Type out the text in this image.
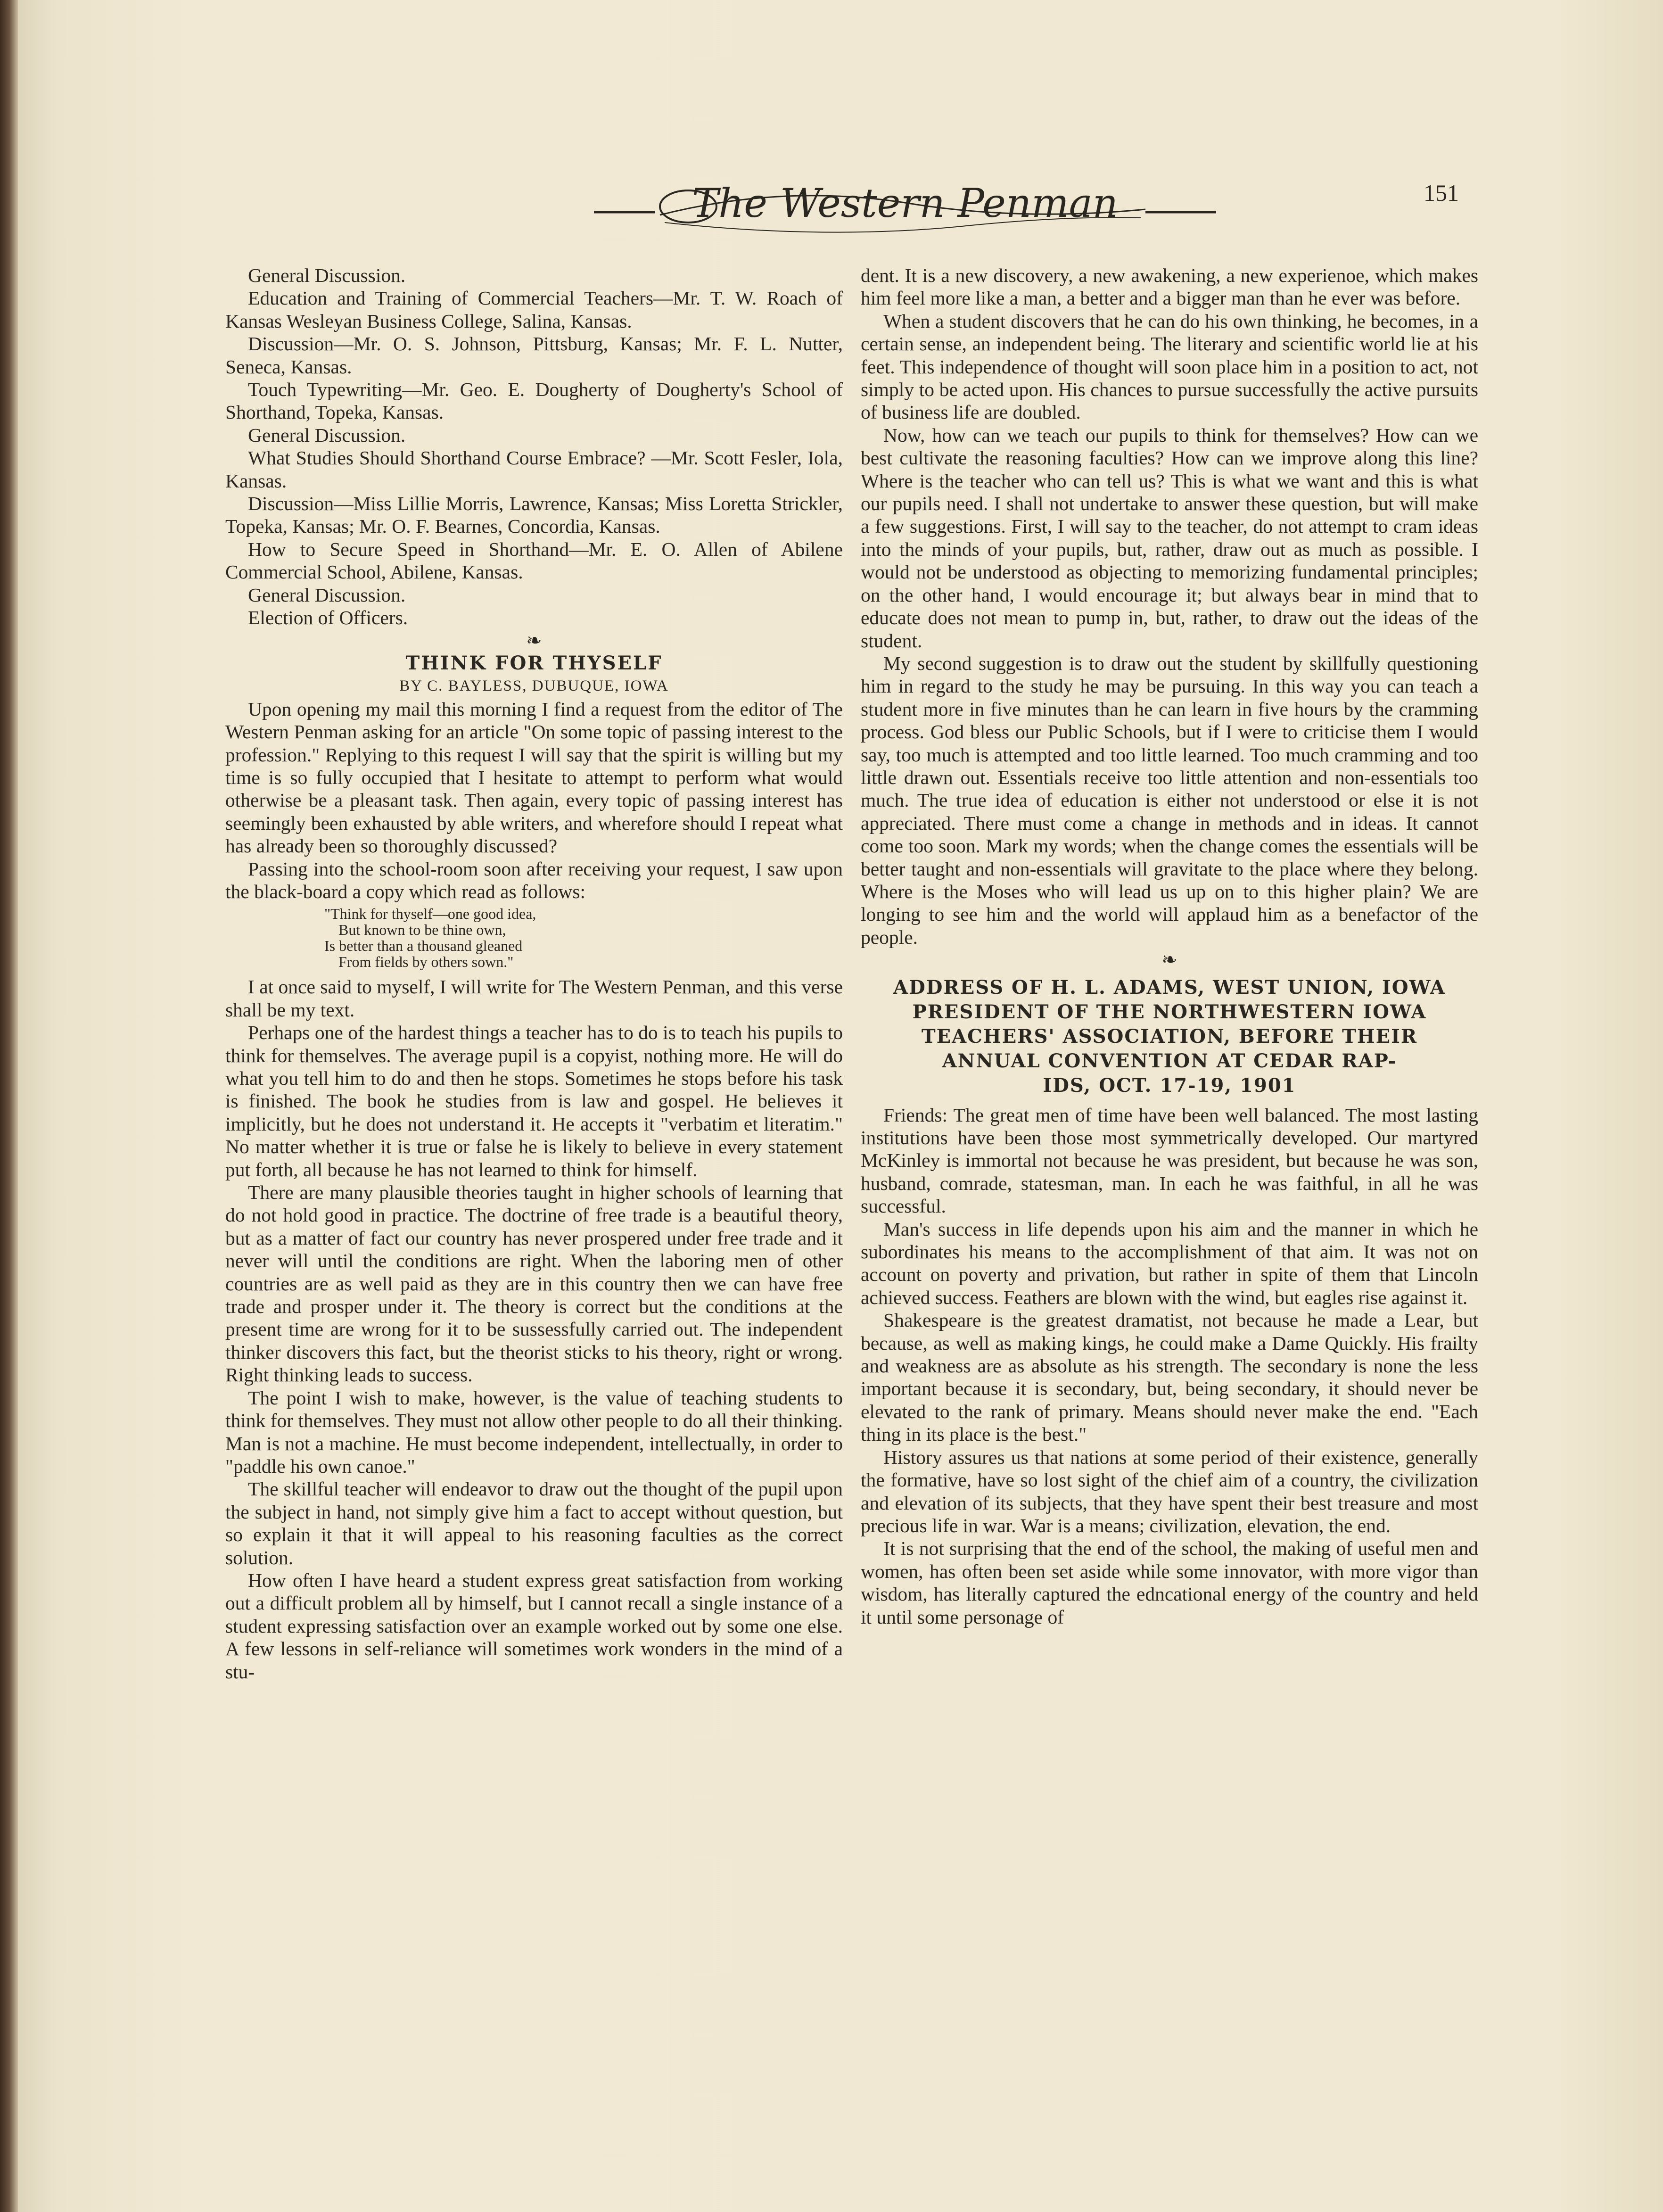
The Western Penman	151

General Discussion.

Education and Training of Commercial Teachers—Mr. T. W. Roach of Kansas Wesleyan Business College, Salina, Kansas.

Discussion—Mr. O. S. Johnson, Pittsburg, Kansas; Mr. F. L. Nutter, Seneca, Kansas.

Touch Typewriting—Mr. Geo. E. Dougherty of Dougherty's School of Shorthand, Topeka, Kansas.

General Discussion.

What Studies Should Shorthand Course Embrace? —Mr. Scott Fesler, Iola, Kansas.

Discussion—Miss Lillie Morris, Lawrence, Kansas; Miss Loretta Strickler, Topeka, Kansas; Mr. O. F. Bearnes, Concordia, Kansas.

How to Secure Speed in Shorthand—Mr. E. O. Allen of Abilene Commercial School, Abilene, Kansas.

General Discussion.

Election of Officers.

❧

THINK FOR THYSELF

BY C. BAYLESS, DUBUQUE, IOWA

Upon opening my mail this morning I find a request from the editor of The Western Penman asking for an article "On some topic of passing interest to the profession." Replying to this request I will say that the spirit is willing but my time is so fully occupied that I hesitate to attempt to perform what would otherwise be a pleasant task. Then again, every topic of passing interest has seemingly been exhausted by able writers, and wherefore should I repeat what has already been so thoroughly discussed?

Passing into the school-room soon after receiving your request, I saw upon the black-board a copy which read as follows:

"Think for thyself—one good idea,
But known to be thine own,
Is better than a thousand gleaned
From fields by others sown."

I at once said to myself, I will write for The Western Penman, and this verse shall be my text.

Perhaps one of the hardest things a teacher has to do is to teach his pupils to think for themselves. The average pupil is a copyist, nothing more. He will do what you tell him to do and then he stops. Sometimes he stops before his task is finished. The book he studies from is law and gospel. He believes it implicitly, but he does not understand it. He accepts it "verbatim et literatim." No matter whether it is true or false he is likely to believe in every statement put forth, all because he has not learned to think for himself.

There are many plausible theories taught in higher schools of learning that do not hold good in practice. The doctrine of free trade is a beautiful theory, but as a matter of fact our country has never prospered under free trade and it never will until the conditions are right. When the laboring men of other countries are as well paid as they are in this country then we can have free trade and prosper under it. The theory is correct but the conditions at the present time are wrong for it to be sussessfully carried out. The independent thinker discovers this fact, but the theorist sticks to his theory, right or wrong. Right thinking leads to success.

The point I wish to make, however, is the value of teaching students to think for themselves. They must not allow other people to do all their thinking. Man is not a machine. He must become independent, intellectually, in order to "paddle his own canoe."

The skillful teacher will endeavor to draw out the thought of the pupil upon the subject in hand, not simply give him a fact to accept without question, but so explain it that it will appeal to his reasoning faculties as the correct solution.

How often I have heard a student express great satisfaction from working out a difficult problem all by himself, but I cannot recall a single instance of a student expressing satisfaction over an example worked out by some one else. A few lessons in self-reliance will sometimes work wonders in the mind of a stu-

dent. It is a new discovery, a new awakening, a new experienoe, which makes him feel more like a man, a better and a bigger man than he ever was before.

When a student discovers that he can do his own thinking, he becomes, in a certain sense, an independent being. The literary and scientific world lie at his feet. This independence of thought will soon place him in a position to act, not simply to be acted upon. His chances to pursue successfully the active pursuits of business life are doubled.

Now, how can we teach our pupils to think for themselves? How can we best cultivate the reasoning faculties? How can we improve along this line? Where is the teacher who can tell us? This is what we want and this is what our pupils need. I shall not undertake to answer these question, but will make a few suggestions. First, I will say to the teacher, do not attempt to cram ideas into the minds of your pupils, but, rather, draw out as much as possible. I would not be understood as objecting to memorizing fundamental principles; on the other hand, I would encourage it; but always bear in mind that to educate does not mean to pump in, but, rather, to draw out the ideas of the student.

My second suggestion is to draw out the student by skillfully questioning him in regard to the study he may be pursuing. In this way you can teach a student more in five minutes than he can learn in five hours by the cramming process. God bless our Public Schools, but if I were to criticise them I would say, too much is attempted and too little learned. Too much cramming and too little drawn out. Essentials receive too little attention and non-essentials too much. The true idea of education is either not understood or else it is not appreciated. There must come a change in methods and in ideas. It cannot come too soon. Mark my words; when the change comes the essentials will be better taught and non-essentials will gravitate to the place where they belong. Where is the Moses who will lead us up on to this higher plain? We are longing to see him and the world will applaud him as a benefactor of the people.

❧

ADDRESS OF H. L. ADAMS, WEST UNION, IOWA
PRESIDENT OF THE NORTHWESTERN IOWA
TEACHERS' ASSOCIATION, BEFORE THEIR
ANNUAL CONVENTION AT CEDAR RAP-
IDS, OCT. 17-19, 1901

Friends: The great men of time have been well balanced. The most lasting institutions have been those most symmetrically developed. Our martyred McKinley is immortal not because he was president, but because he was son, husband, comrade, statesman, man. In each he was faithful, in all he was successful.

Man's success in life depends upon his aim and the manner in which he subordinates his means to the accomplishment of that aim. It was not on account on poverty and privation, but rather in spite of them that Lincoln achieved success. Feathers are blown with the wind, but eagles rise against it.

Shakespeare is the greatest dramatist, not because he made a Lear, but because, as well as making kings, he could make a Dame Quickly. His frailty and weakness are as absolute as his strength. The secondary is none the less important because it is secondary, but, being secondary, it should never be elevated to the rank of primary. Means should never make the end. "Each thing in its place is the best."

History assures us that nations at some period of their existence, generally the formative, have so lost sight of the chief aim of a country, the civilization and elevation of its subjects, that they have spent their best treasure and most precious life in war. War is a means; civilization, elevation, the end.

It is not surprising that the end of the school, the making of useful men and women, has often been set aside while some innovator, with more vigor than wisdom, has literally captured the edncational energy of the country and held it until some personage of
